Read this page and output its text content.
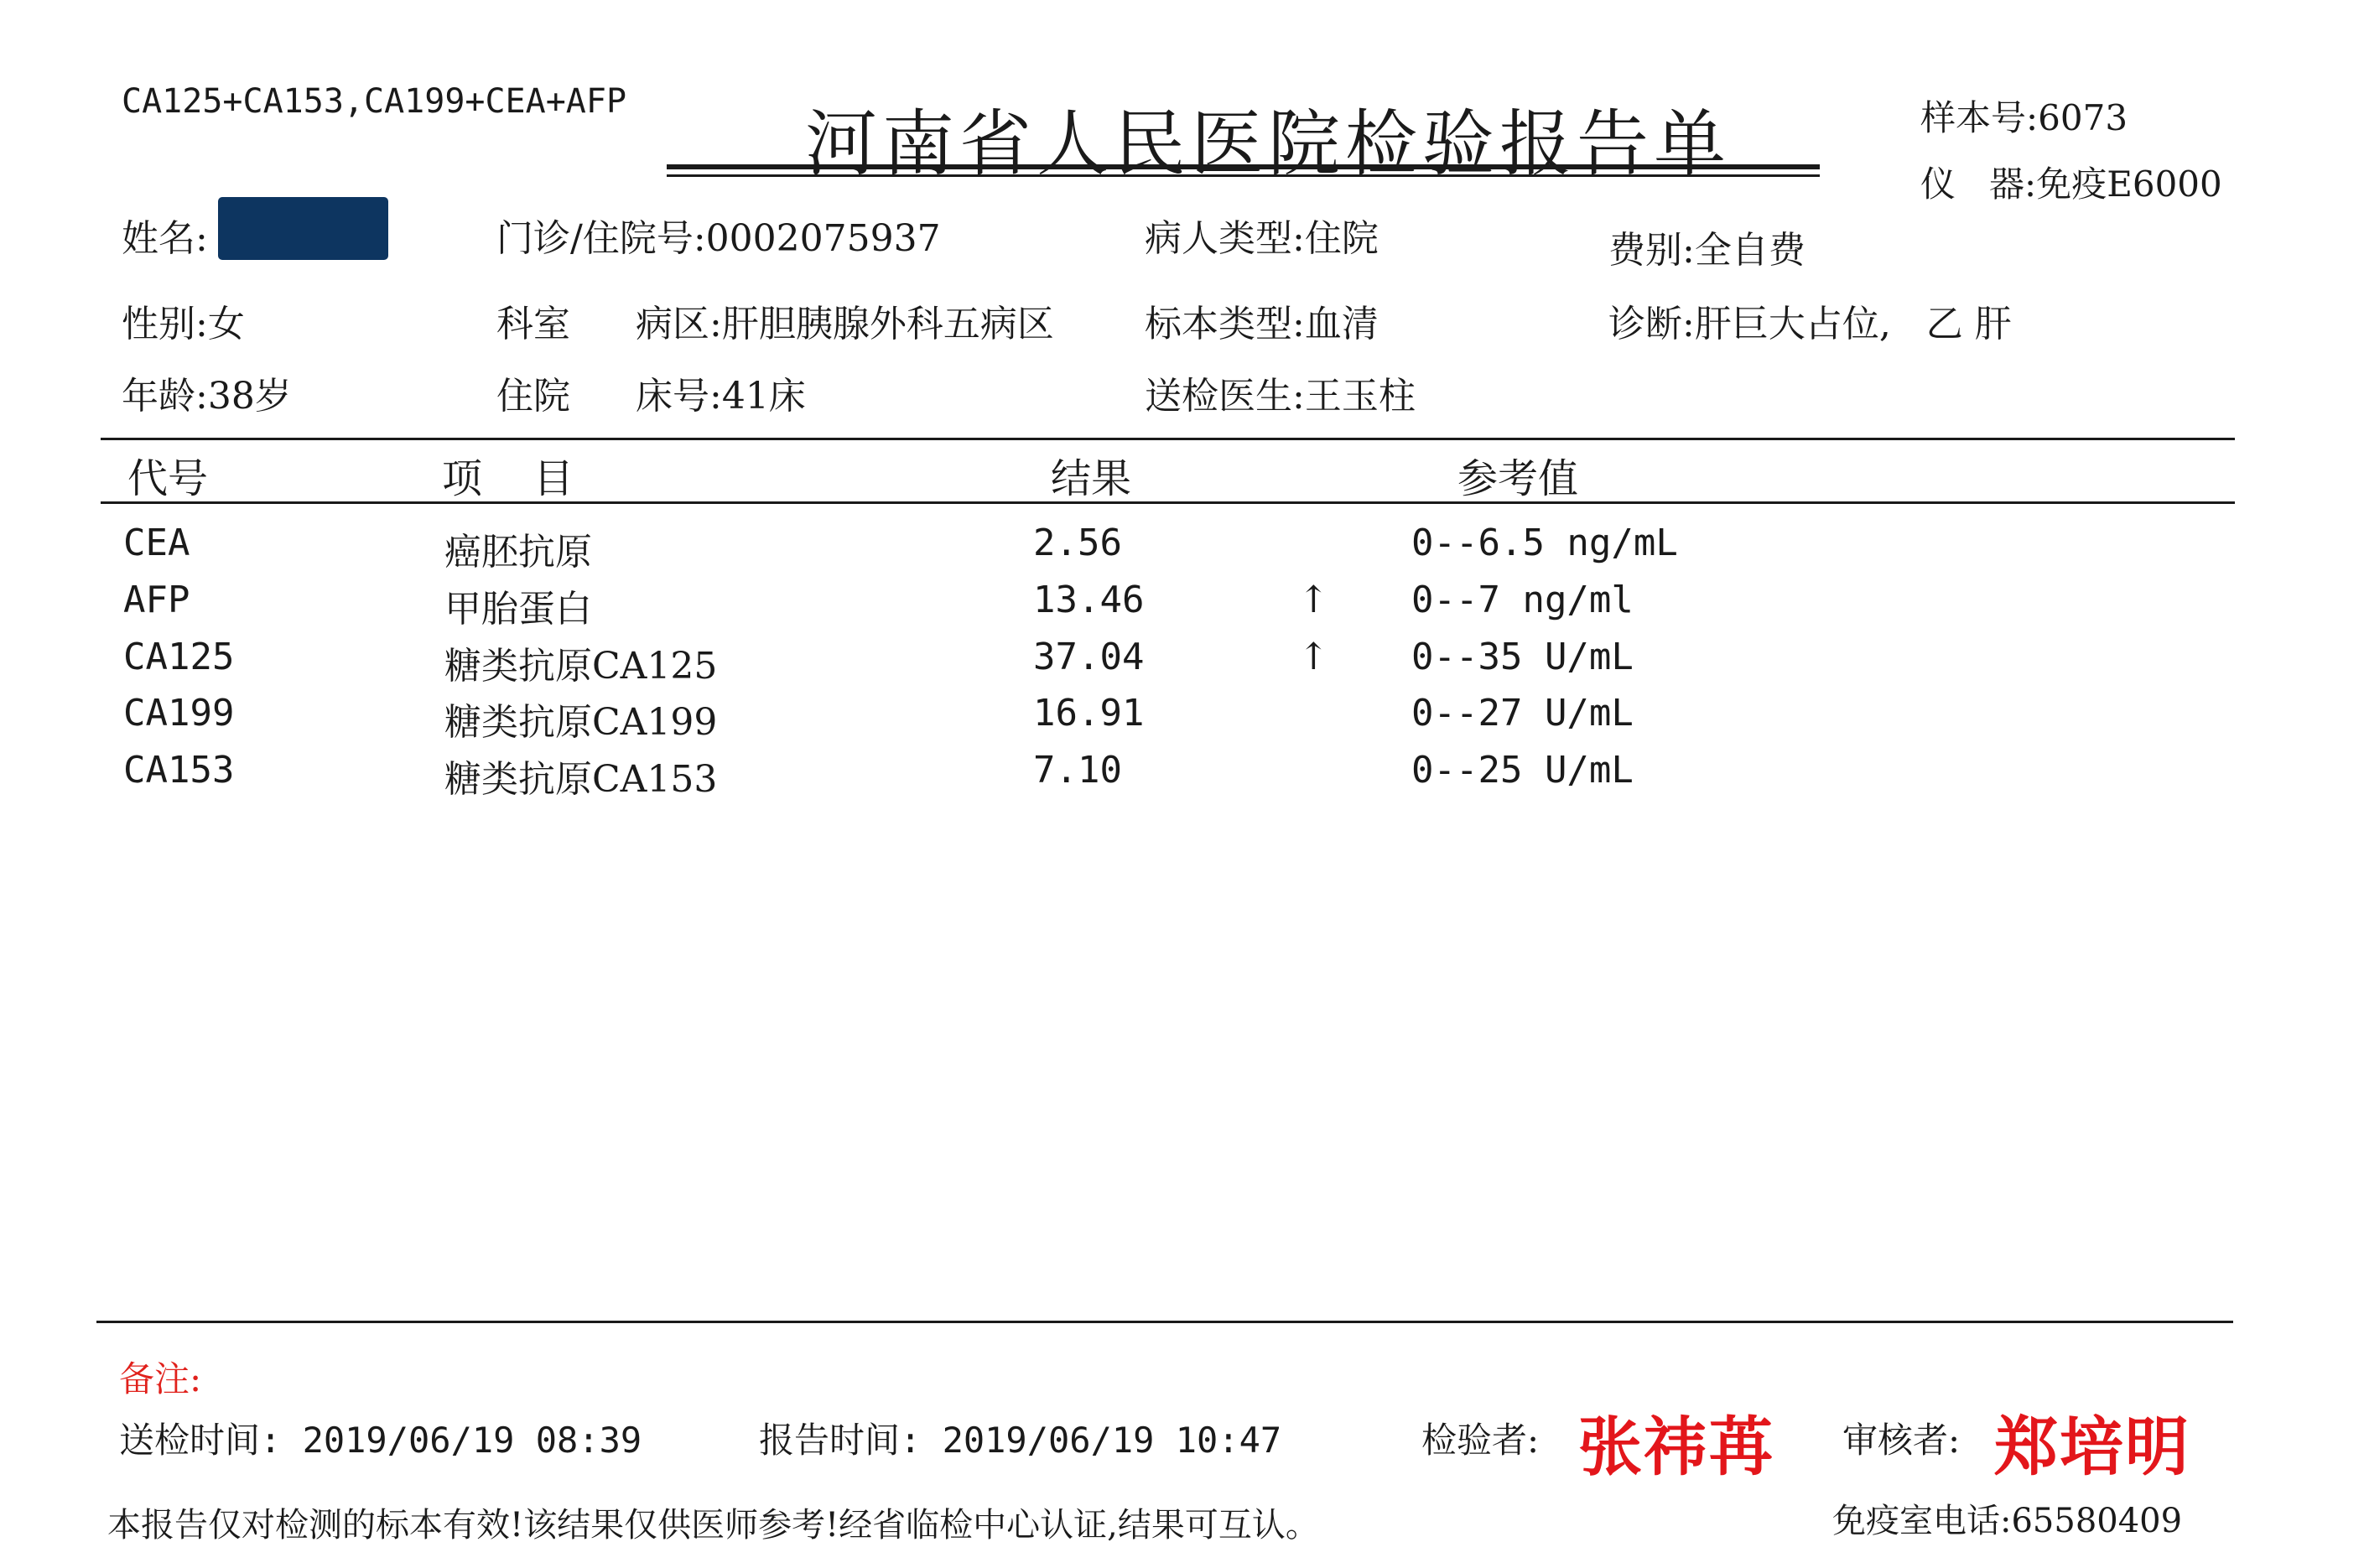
CA125+CA153,CA199+CEA+AFP
河南省人民医院检验报告单	样本号:6073
仪   器:免疫E6000
姓名:	门诊/住院号:0002075937	病人类型:住院	费别:全自费
性别:女	科室 病区:肝胆胰腺外科五病区 标本类型:血清	诊断:肝巨大占位,   乙 肝
年龄:38岁	住院 床号:41床	送检医生:王玉柱
代号	项    目	结果	参考值
CEA	癌胚抗原	2.56	0--6.5 ng/mL
AFP	甲胎蛋白	13.46	↑ 0--7 ng/ml
CA125	糖类抗原CA125	37.04	↑ 0--35 U/mL
CA199	糖类抗原CA199	16.91	0--27 U/mL
CA153	糖类抗原CA153	7.10	0--25 U/mL
备注:
送检时间: 2019/06/19 08:39	报告时间: 2019/06/19 10:47	检验者: 张祎苒 审核者: 郑培明
本报告仅对检测的标本有效!该结果仅供医师参考!经省临检中心认证,结果可互认。	免疫室电话:65580409
